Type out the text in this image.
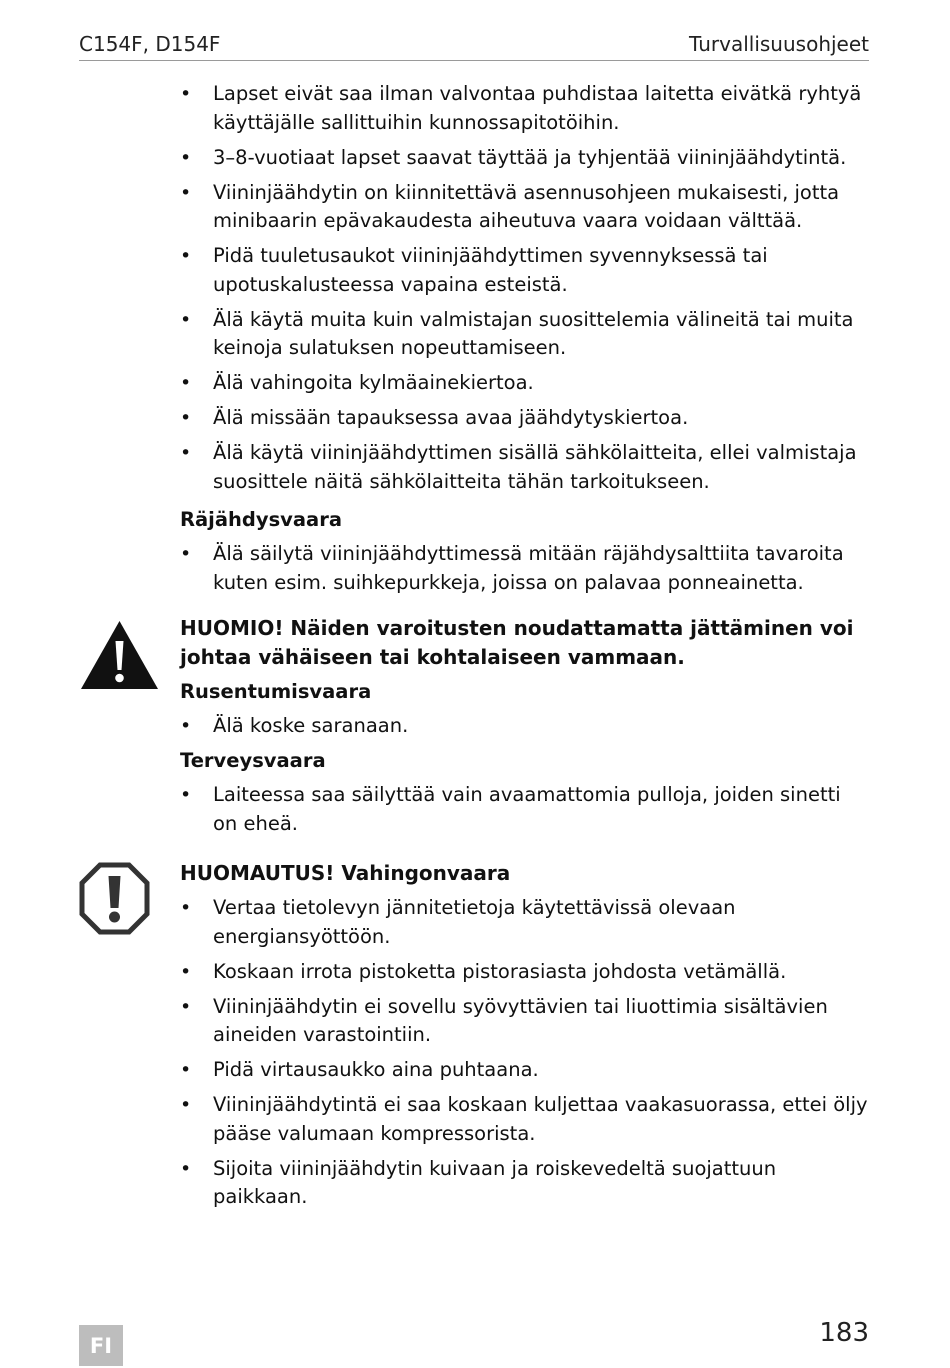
C154F, D154F	Turvallisuusohjeet
• Lapset eivät saa ilman valvontaa puhdistaa laitetta eivätkä ryhtyä käyttäjälle sallittuihin kunnossapitotöihin.
• 3–8-vuotiaat lapset saavat täyttää ja tyhjentää viininjäähdytintä.
• Viininjäähdytin on kiinnitettävä asennusohjeen mukaisesti, jotta minibaarin epävakaudesta aiheutuva vaara voidaan välttää.
• Pidä tuuletusaukot viininjäähdyttimen syvennyksessä tai upotuskalusteessa vapaina esteistä.
• Älä käytä muita kuin valmistajan suosittelemia välineitä tai muita keinoja sulatuksen nopeuttamiseen.
• Älä vahingoita kylmäainekiertoa.
• Älä missään tapauksessa avaa jäähdytyskiertoa.
• Älä käytä viininjäähdyttimen sisällä sähkölaitteita, ellei valmistaja suosittele näitä sähkölaitteita tähän tarkoitukseen.
Räjähdysvaara
• Älä säilytä viininjäähdyttimessä mitään räjähdysalttiita tavaroita kuten esim. suihkepurkkeja, joissa on palavaa ponneainetta.
HUOMIO! Näiden varoitusten noudattamatta jättäminen voi johtaa vähäiseen tai kohtalaiseen vammaan.
Rusentumisvaara
• Älä koske saranaan.
Terveysvaara
• Laiteessa saa säilyttää vain avaamattomia pulloja, joiden sinetti on eheä.
HUOMAUTUS! Vahingonvaara
• Vertaa tietolevyn jännitetietoja käytettävissä olevaan energiansyöttöön.
• Koskaan irrota pistoketta pistorasiasta johdosta vetämällä.
• Viininjäähdytin ei sovellu syövyttävien tai liuottimia sisältävien aineiden varastointiin.
• Pidä virtausaukko aina puhtaana.
• Viininjäähdytintä ei saa koskaan kuljettaa vaakasuorassa, ettei öljy pääse valumaan kompressorista.
• Sijoita viininjäähdytin kuivaan ja roiskevedeltä suojattuun paikkaan.
FI	183
